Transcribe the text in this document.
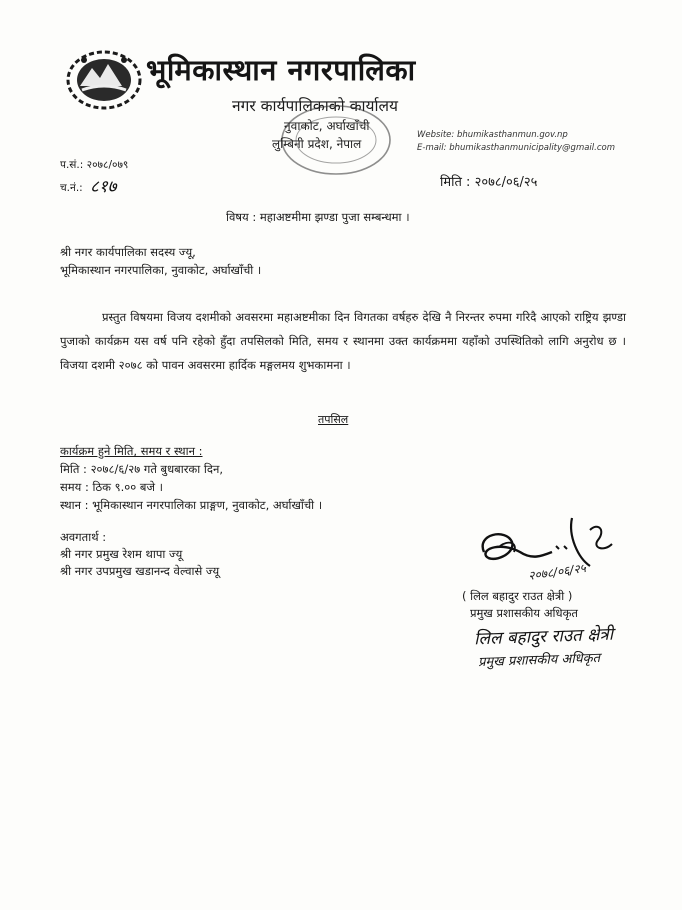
भूमिकास्थान नगरपालिका
नगर कार्यपालिकाको कार्यालय
नुवाकोट, अर्घाखाँची
लुम्बिनी प्रदेश, नेपाल
Website: bhumikasthanmun.gov.np
E-mail: bhumikasthanmunicipality@gmail.com
प.सं.: २०७८/०७९
च.नं.: ८१७	मिति : २०७८/०६/२५
विषय : महाअष्टमीमा झण्डा पुजा सम्बन्धमा ।
श्री नगर कार्यपालिका सदस्य ज्यू,
भूमिकास्थान नगरपालिका, नुवाकोट, अर्घाखाँची ।

प्रस्तुत विषयमा विजय दशमीको अवसरमा महाअष्टमीका दिन विगतका वर्षहरु देखि नै निरन्तर रुपमा गरिदै आएको राष्ट्रिय झण्डा पुजाको कार्यक्रम यस वर्ष पनि रहेको हुँदा तपसिलको मिति, समय र स्थानमा उक्त कार्यक्रममा यहाँको उपस्थितिको लागि अनुरोध छ । विजया दशमी २०७८ को पावन अवसरमा हार्दिक मङ्गलमय शुभकामना ।

तपसिल
कार्यक्रम हुने मिति, समय र स्थान :
मिति : २०७८/६/२७ गते बुधबारका दिन,
समय : ठिक ९.०० बजे ।
स्थान : भूमिकास्थान नगरपालिका प्राङ्गण, नुवाकोट, अर्घाखाँची ।
अवगतार्थ :
श्री नगर प्रमुख रेशम थापा ज्यू
श्री नगर उपप्रमुख खडानन्द वेल्वासे ज्यू	२०७८/०६/२५
( लिल बहादुर राउत क्षेत्री )
प्रमुख प्रशासकीय अधिकृत
लिल बहादुर राउत क्षेत्री
प्रमुख प्रशासकीय अधिकृत
